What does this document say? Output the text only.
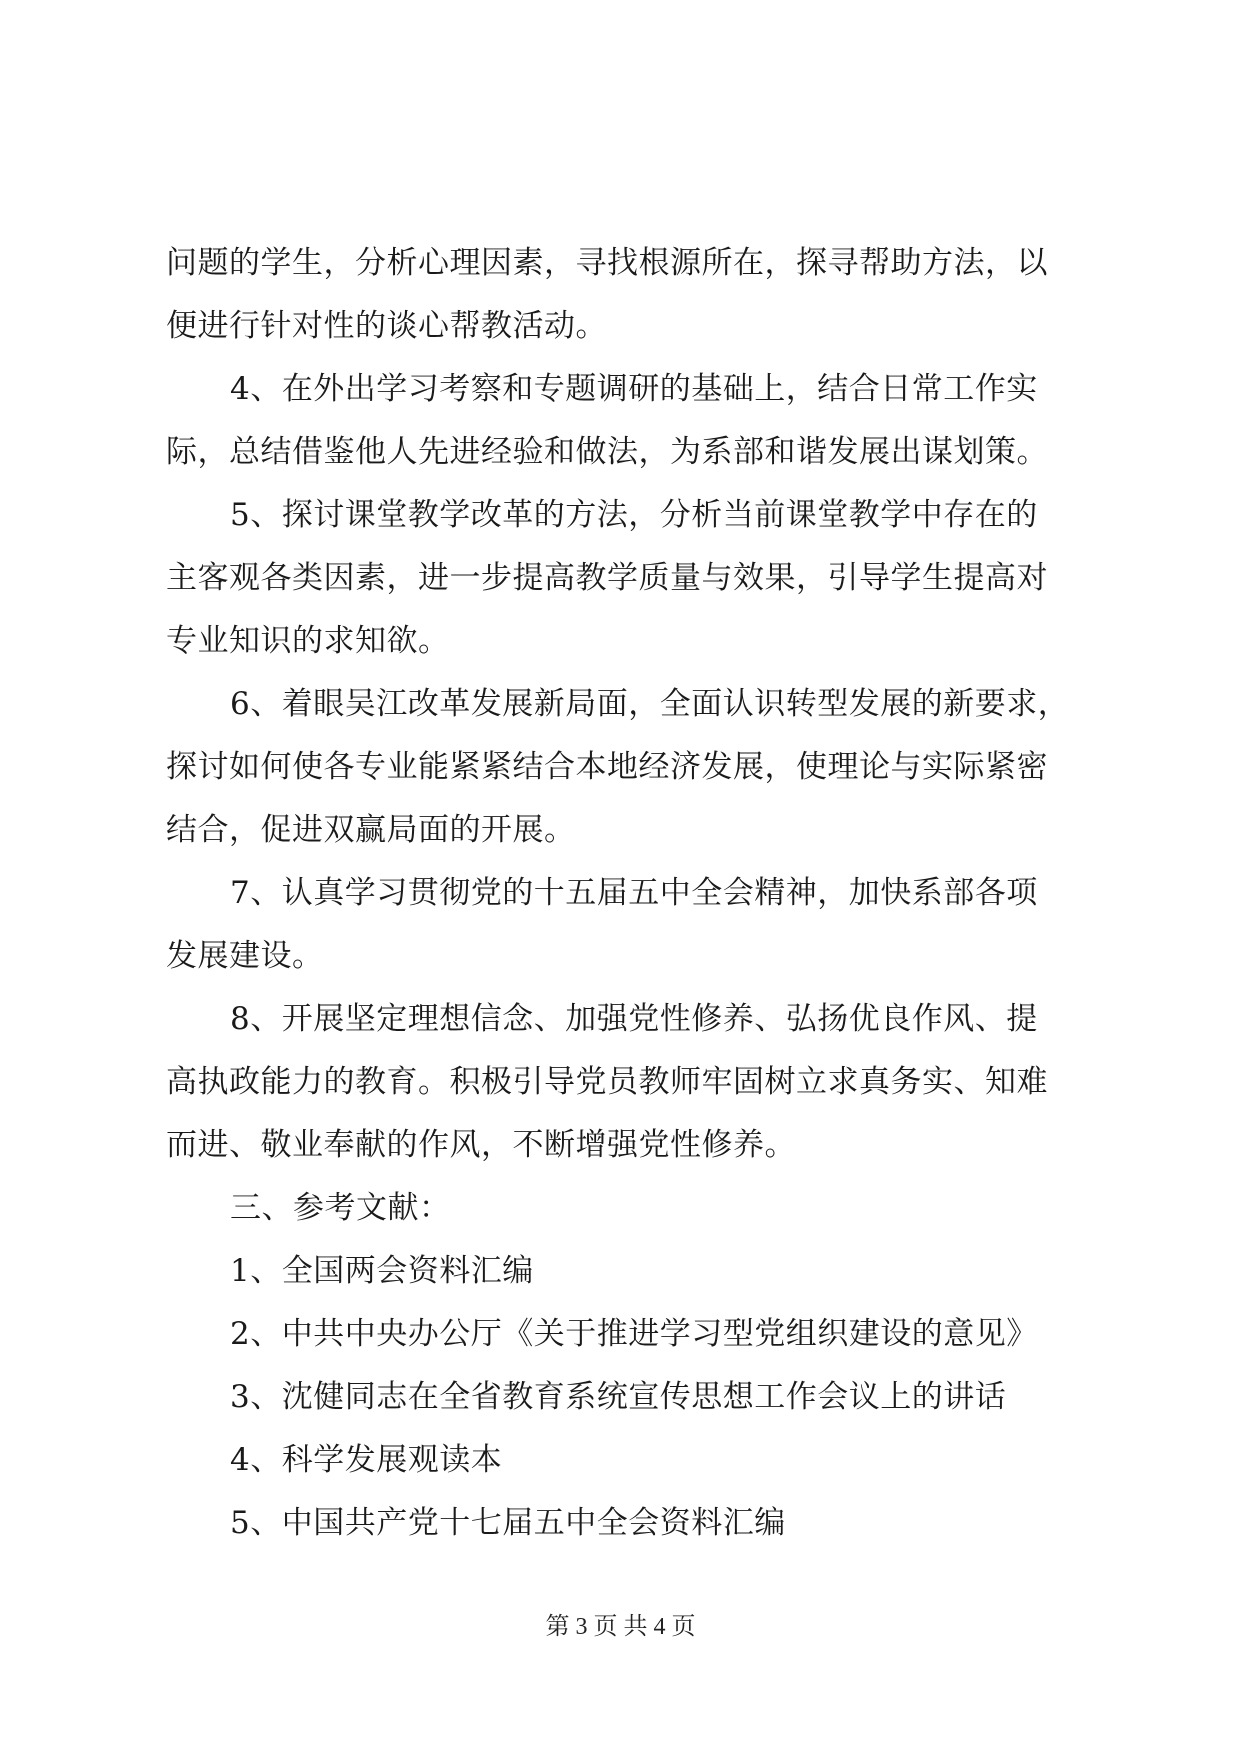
问题的学生，分析心理因素，寻找根源所在，探寻帮助方法，以
便进行针对性的谈心帮教活动。
4、在外出学习考察和专题调研的基础上，结合日常工作实
际，总结借鉴他人先进经验和做法，为系部和谐发展出谋划策。
5、探讨课堂教学改革的方法，分析当前课堂教学中存在的
主客观各类因素，进一步提高教学质量与效果，引导学生提高对
专业知识的求知欲。
6、着眼吴江改革发展新局面，全面认识转型发展的新要求，
探讨如何使各专业能紧紧结合本地经济发展，使理论与实际紧密
结合，促进双赢局面的开展。
7、认真学习贯彻党的十五届五中全会精神，加快系部各项
发展建设。
8、开展坚定理想信念、加强党性修养、弘扬优良作风、提
高执政能力的教育。积极引导党员教师牢固树立求真务实、知难
而进、敬业奉献的作风，不断增强党性修养。
三、参考文献：
1、全国两会资料汇编
2、中共中央办公厅《关于推进学习型党组织建设的意见》
3、沈健同志在全省教育系统宣传思想工作会议上的讲话
4、科学发展观读本
5、中国共产党十七届五中全会资料汇编
第 3 页 共 4 页
